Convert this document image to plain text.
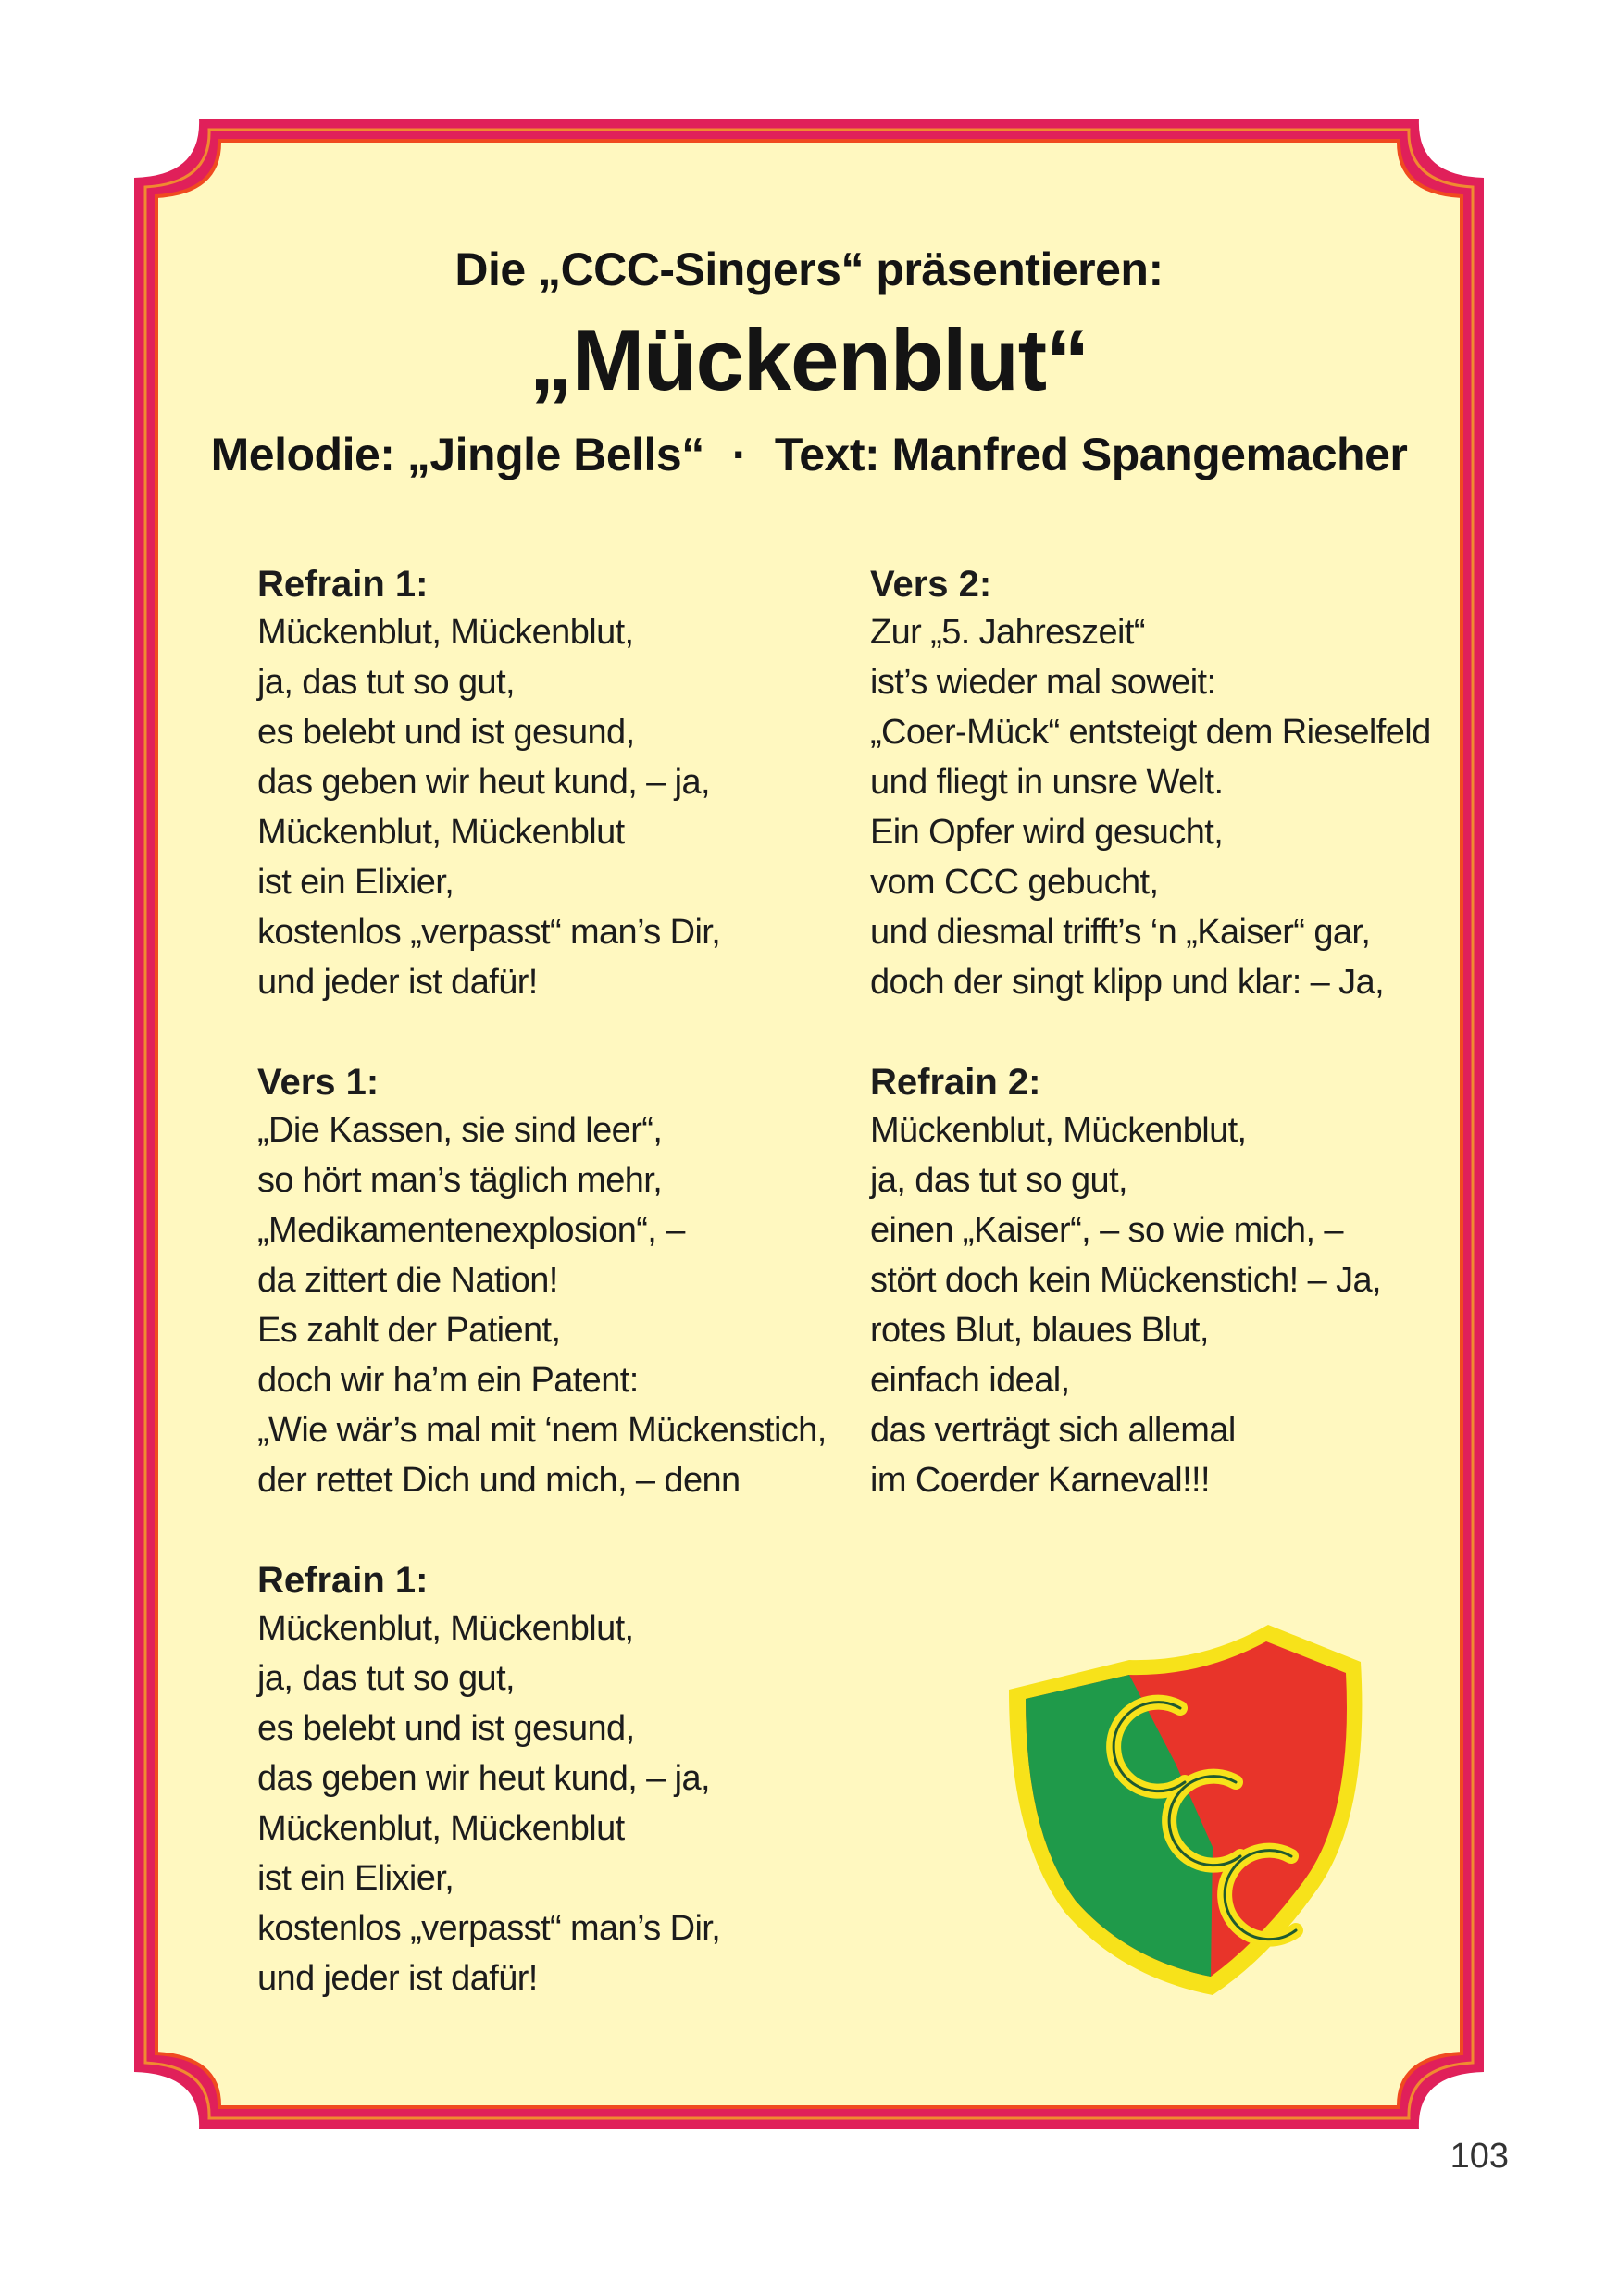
Die „CCC-Singers“ präsentieren:
„Mückenblut“
Melodie: „Jingle Bells“ · Text: Manfred Spangemacher
Refrain 1:
Mückenblut, Mückenblut,
ja, das tut so gut,
es belebt und ist gesund,
das geben wir heut kund, – ja,
Mückenblut, Mückenblut
ist ein Elixier,
kostenlos „verpasst“ man’s Dir,
und jeder ist dafür!
Vers 1:
„Die Kassen, sie sind leer“,
so hört man’s täglich mehr,
„Medikamentenexplosion“, –
da zittert die Nation!
Es zahlt der Patient,
doch wir ha’m ein Patent:
„Wie wär’s mal mit ‘nem Mückenstich,
der rettet Dich und mich, – denn
Refrain 1:
Mückenblut, Mückenblut,
ja, das tut so gut,
es belebt und ist gesund,
das geben wir heut kund, – ja,
Mückenblut, Mückenblut
ist ein Elixier,
kostenlos „verpasst“ man’s Dir,
und jeder ist dafür!
Vers 2:
Zur „5. Jahreszeit“
ist’s wieder mal soweit:
„Coer-Mück“ entsteigt dem Rieselfeld
und fliegt in unsre Welt.
Ein Opfer wird gesucht,
vom CCC gebucht,
und diesmal trifft’s ‘n „Kaiser“ gar,
doch der singt klipp und klar: – Ja,
Refrain 2:
Mückenblut, Mückenblut,
ja, das tut so gut,
einen „Kaiser“, – so wie mich, –
stört doch kein Mückenstich! – Ja,
rotes Blut, blaues Blut,
einfach ideal,
das verträgt sich allemal
im Coerder Karneval!!!
103
